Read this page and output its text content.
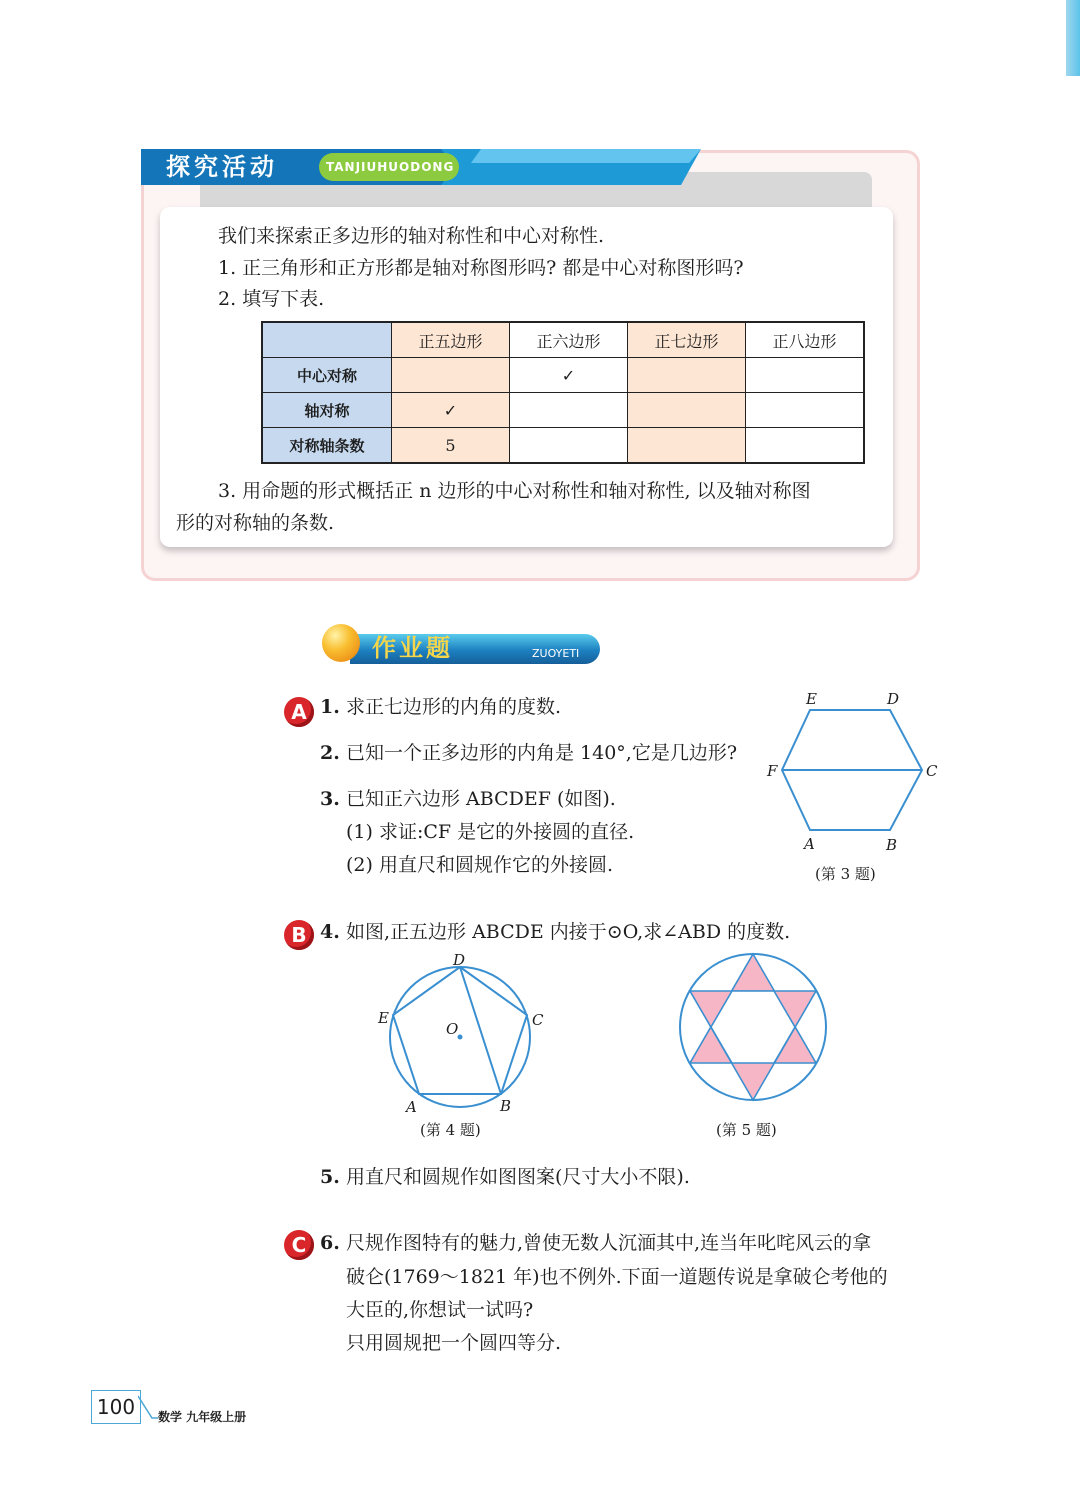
探究活动	TANJIUHUODONG
我们来探索正多边形的轴对称性和中心对称性.
1. 正三角形和正方形都是轴对称图形吗? 都是中心对称图形吗?
2. 填写下表.
	正五边形	正六边形	正七边形	正八边形
中心对称		✓		
轴对称	✓			
对称轴条数	5			
3. 用命题的形式概括正 n 边形的中心对称性和轴对称性, 以及轴对称图
形的对称轴的条数.
作业题	ZUOYETI
A 1. 求正七边形的内角的度数.
2. 已知一个正多边形的内角是 140°,它是几边形?
3. 已知正六边形 ABCDEF (如图).
(1) 求证:CF 是它的外接圆的直径.
(2) 用直尺和圆规作它的外接圆.
E	D
F	C
A	B
(第 3 题)
B 4. 如图,正五边形 ABCDE 内接于⊙O,求∠ABD 的度数.
D
E	C
O
A	B
(第 4 题)	(第 5 题)
5. 用直尺和圆规作如图图案(尺寸大小不限).
C 6. 尺规作图特有的魅力,曾使无数人沉湎其中,连当年叱咤风云的拿
破仑(1769～1821 年)也不例外.下面一道题传说是拿破仑考他的
大臣的,你想试一试吗?
只用圆规把一个圆四等分.
100	数学 九年级上册
